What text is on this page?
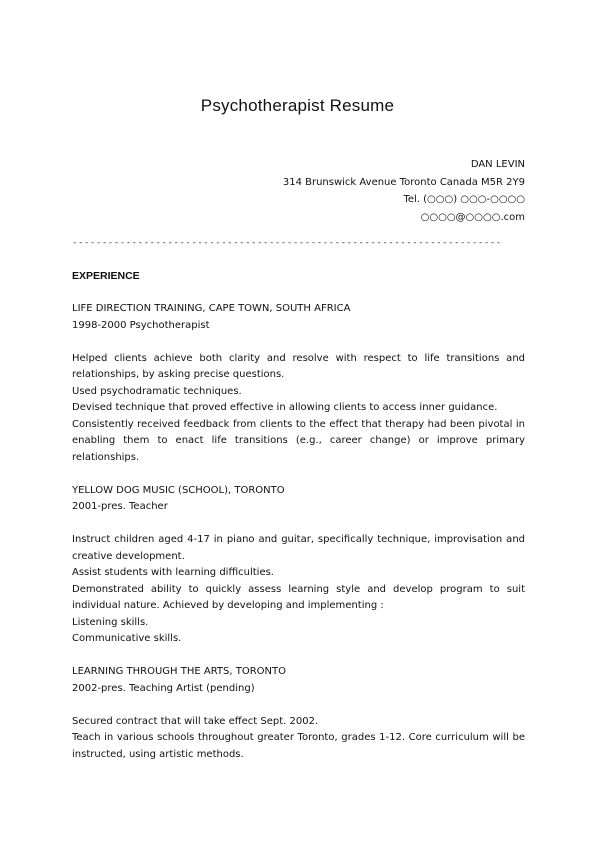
Psychotherapist Resume
DAN LEVIN
314 Brunswick Avenue Toronto Canada M5R 2Y9
Tel. (○○○) ○○○-○○○○
○○○○@○○○○.com
------------------------------------------------------------------------

EXPERIENCE

LIFE DIRECTION TRAINING, CAPE TOWN, SOUTH AFRICA

1998-2000 Psychotherapist

Helped clients achieve both clarity and resolve with respect to life transitions and relationships, by asking precise questions.

Used psychodramatic techniques.

Devised technique that proved effective in allowing clients to access inner guidance.

Consistently received feedback from clients to the effect that therapy had been pivotal in enabling them to enact life transitions (e.g., career change) or improve primary relationships.

YELLOW DOG MUSIC (SCHOOL), TORONTO

2001-pres. Teacher

Instruct children aged 4-17 in piano and guitar, specifically technique, improvisation and creative development.

Assist students with learning difficulties.

Demonstrated ability to quickly assess learning style and develop program to suit individual nature. Achieved by developing and implementing :

Listening skills.

Communicative skills.

LEARNING THROUGH THE ARTS, TORONTO

2002-pres. Teaching Artist (pending)

Secured contract that will take effect Sept. 2002.

Teach in various schools throughout greater Toronto, grades 1-12. Core curriculum will be instructed, using artistic methods.
